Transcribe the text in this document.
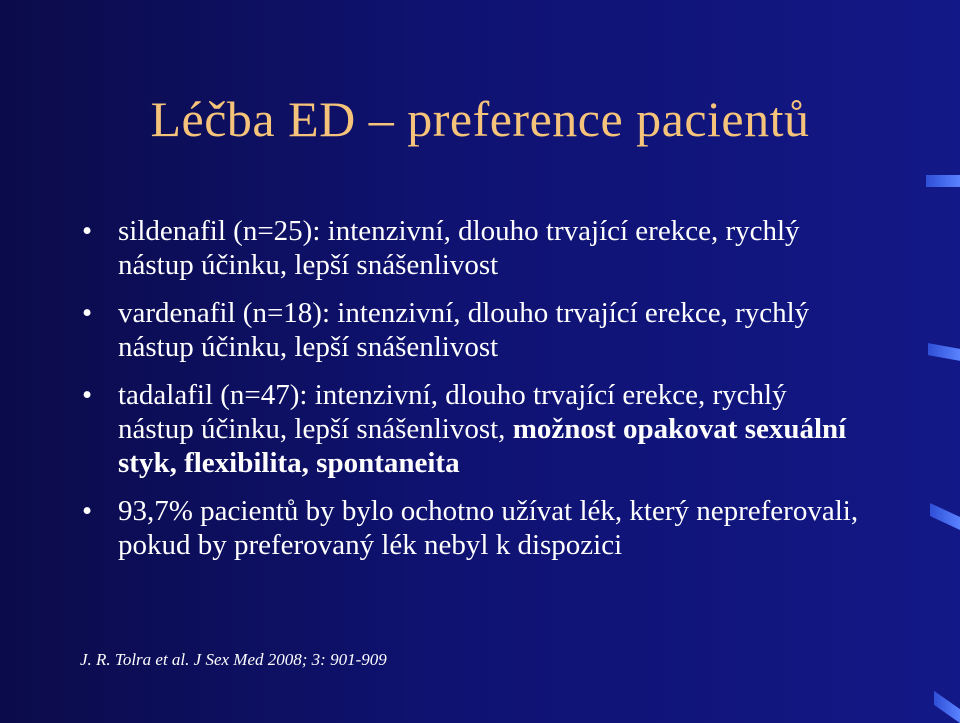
Léčba ED – preference pacientů
• sildenafil (n=25): intenzivní, dlouho trvající erekce, rychlý nástup účinku, lepší snášenlivost
• vardenafil (n=18): intenzivní, dlouho trvající erekce, rychlý nástup účinku, lepší snášenlivost
• tadalafil (n=47): intenzivní, dlouho trvající erekce, rychlý nástup účinku, lepší snášenlivost, možnost opakovat sexuální styk, flexibilita, spontaneita
• 93,7% pacientů by bylo ochotno užívat lék, který nepreferovali, pokud by preferovaný lék nebyl k dispozici
J. R. Tolra et al. J Sex Med 2008; 3: 901-909
